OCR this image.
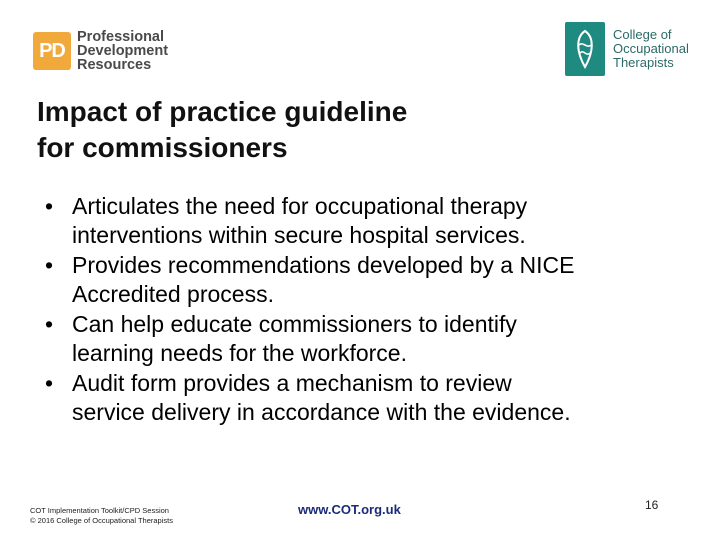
PD
Professional
Development
Resources
College of
Occupational
Therapists
Impact of practice guideline
for commissioners
• Articulates the need for occupational therapy
interventions within secure hospital services.
• Provides recommendations developed by a NICE
Accredited process.
• Can help educate commissioners to identify
learning needs for the workforce.
• Audit form provides a mechanism to review
service delivery in accordance with the evidence.
COT Implementation Toolkit/CPD Session
© 2016 College of Occupational Therapists
www.COT.org.uk	16
